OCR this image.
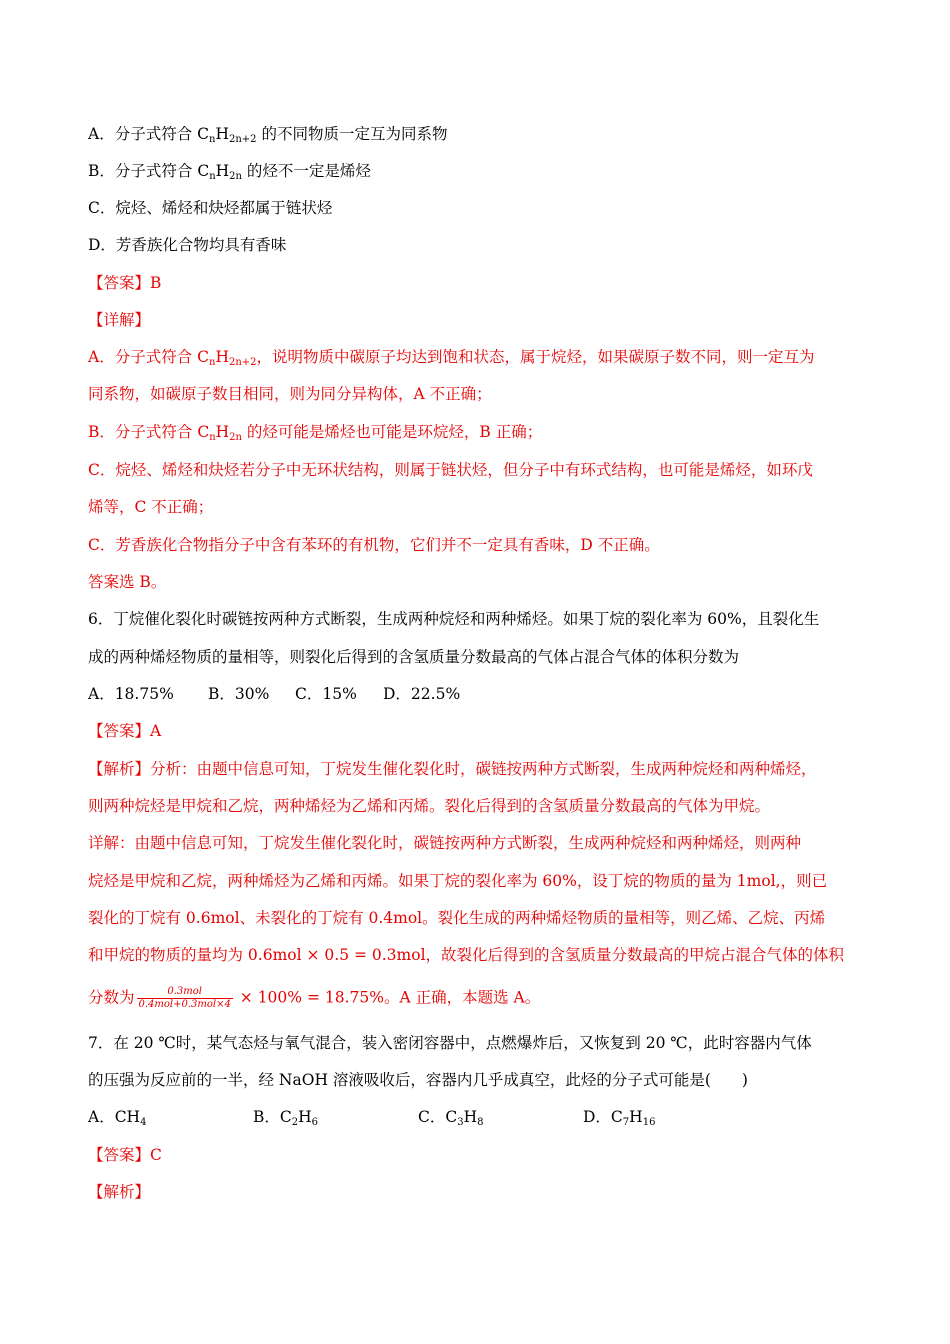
A．分子式符合 $C_nH_{2n+2}$ 的不同物质一定互为同系物
B．分子式符合 $C_nH_{2n}$ 的烃不一定是烯烃
C．烷烃、烯烃和炔烃都属于链状烃
D．芳香族化合物均具有香味
【答案】B
【详解】
A．分子式符合 $C_nH_{2n+2}$，说明物质中碳原子均达到饱和状态，属于烷烃，如果碳原子数不同，则一定互为
同系物，如碳原子数目相同，则为同分异构体，A 不正确；
B．分子式符合 $C_nH_{2n}$ 的烃可能是烯烃也可能是环烷烃，B 正确；
C．烷烃、烯烃和炔烃若分子中无环状结构，则属于链状烃，但分子中有环式结构，也可能是烯烃，如环戊
烯等，C 不正确；
C．芳香族化合物指分子中含有苯环的有机物，它们并不一定具有香味，D 不正确。
答案选 B。
6．丁烷催化裂化时碳链按两种方式断裂，生成两种烷烃和两种烯烃。如果丁烷的裂化率为 60%，且裂化生
成的两种烯烃物质的量相等，则裂化后得到的含氢质量分数最高的气体占混合气体的体积分数为
A．18.75% B．30% C．15% D．22.5%
【答案】A
【解析】分析：由题中信息可知，丁烷发生催化裂化时，碳链按两种方式断裂，生成两种烷烃和两种烯烃，
则两种烷烃是甲烷和乙烷，两种烯烃为乙烯和丙烯。裂化后得到的含氢质量分数最高的气体为甲烷。
详解：由题中信息可知，丁烷发生催化裂化时，碳链按两种方式断裂，生成两种烷烃和两种烯烃，则两种
烷烃是甲烷和乙烷，两种烯烃为乙烯和丙烯。如果丁烷的裂化率为 60%，设丁烷的物质的量为 1mol,，则已
裂化的丁烷有 0.6mol、未裂化的丁烷有 0.4mol。裂化生成的两种烯烃物质的量相等，则乙烯、乙烷、丙烯
和甲烷的物质的量均为 0.6mol × 0.5 = 0.3mol，故裂化后得到的含氢质量分数最高的甲烷占混合气体的体积
分数为 $\frac{\text{0.3mol}}{\text{0.4mol+0.3mol×4}} \times 100\% = 18.75\%$。A 正确，本题选 A。
7．在 20 ℃时，某气态烃与氧气混合，装入密闭容器中，点燃爆炸后，又恢复到 20 ℃，此时容器内气体
的压强为反应前的一半，经 NaOH 溶液吸收后，容器内几乎成真空，此烃的分子式可能是(　　)
A．$CH_4$	B．$C_2H_6$	C．$C_3H_8$	D．$C_7H_{16}$
【答案】C
【解析】
